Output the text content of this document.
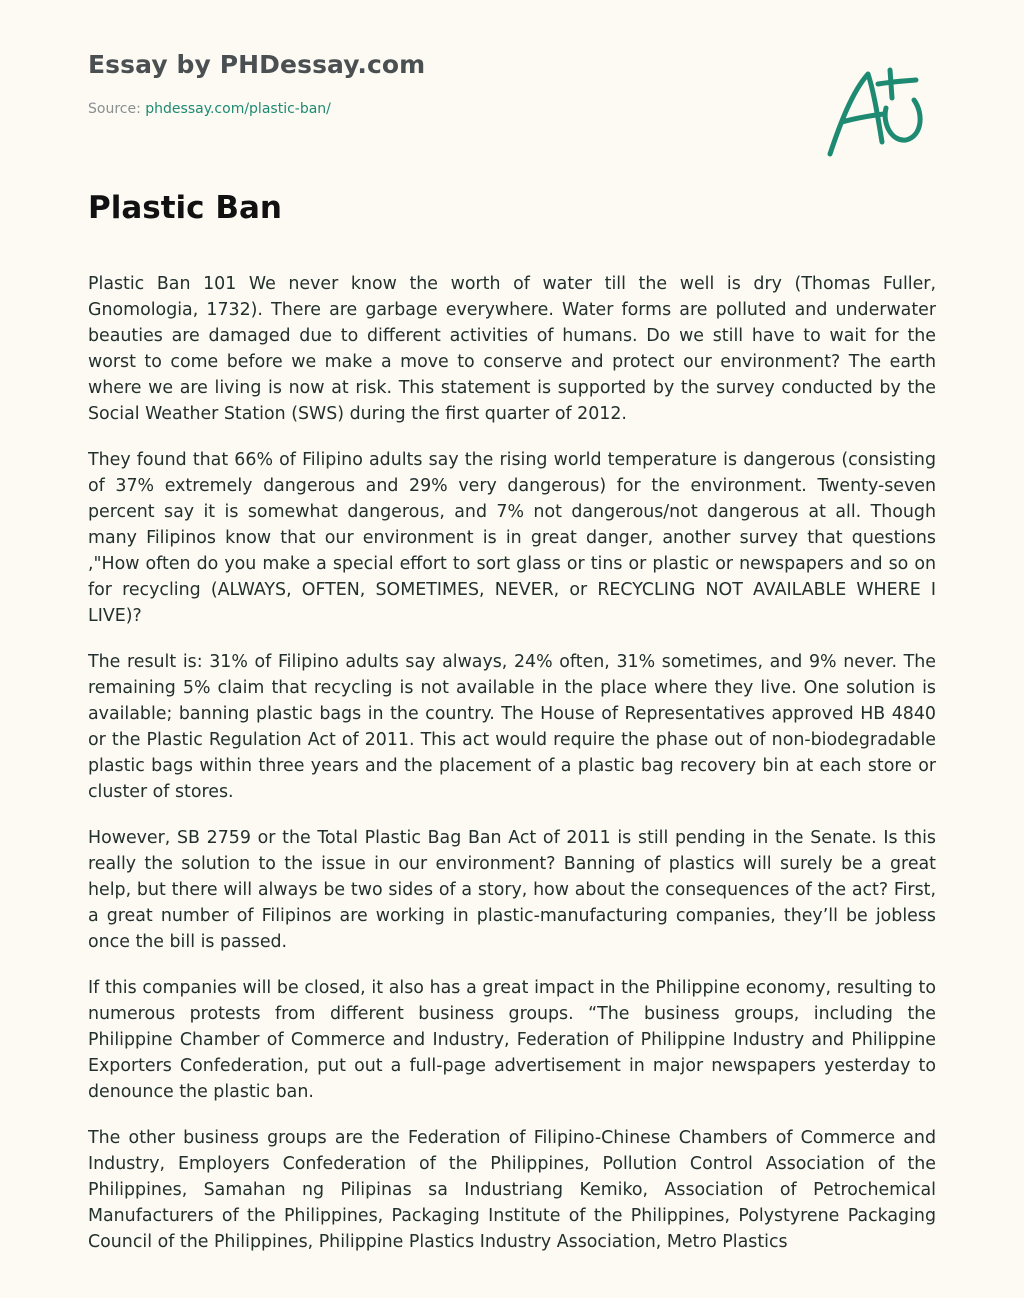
Essay by PHDessay.com
Source: phdessay.com/plastic-ban/
Plastic Ban

Plastic Ban 101 We never know the worth of water till the well is dry (Thomas Fuller, Gnomologia, 1732). There are garbage everywhere. Water forms are polluted and underwater beauties are damaged due to different activities of humans. Do we still have to wait for the worst to come before we make a move to conserve and protect our environment? The earth where we are living is now at risk. This statement is supported by the survey conducted by the Social Weather Station (SWS) during the first quarter of 2012.

They found that 66% of Filipino adults say the rising world temperature is dangerous (consisting of 37% extremely dangerous and 29% very dangerous) for the environment. Twenty-seven percent say it is somewhat dangerous, and 7% not dangerous/not dangerous at all. Though many Filipinos know that our environment is in great danger, another survey that questions ,"How often do you make a special effort to sort glass or tins or plastic or newspapers and so on for recycling (ALWAYS, OFTEN, SOMETIMES, NEVER, or RECYCLING NOT AVAILABLE WHERE I LIVE)?

The result is: 31% of Filipino adults say always, 24% often, 31% sometimes, and 9% never. The remaining 5% claim that recycling is not available in the place where they live. One solution is available; banning plastic bags in the country. The House of Representatives approved HB 4840 or the Plastic Regulation Act of 2011. This act would require the phase out of non-biodegradable plastic bags within three years and the placement of a plastic bag recovery bin at each store or cluster of stores.

However, SB 2759 or the Total Plastic Bag Ban Act of 2011 is still pending in the Senate. Is this really the solution to the issue in our environment? Banning of plastics will surely be a great help, but there will always be two sides of a story, how about the consequences of the act? First, a great number of Filipinos are working in plastic-manufacturing companies, they’ll be jobless once the bill is passed.

If this companies will be closed, it also has a great impact in the Philippine economy, resulting to numerous protests from different business groups. “The business groups, including the Philippine Chamber of Commerce and Industry, Federation of Philippine Industry and Philippine Exporters Confederation, put out a full-page advertisement in major newspapers yesterday to denounce the plastic ban.

The other business groups are the Federation of Filipino-Chinese Chambers of Commerce and Industry, Employers Confederation of the Philippines, Pollution Control Association of the Philippines, Samahan ng Pilipinas sa Industriang Kemiko, Association of Petrochemical Manufacturers of the Philippines, Packaging Institute of the Philippines, Polystyrene Packaging Council of the Philippines, Philippine Plastics Industry Association, Metro Plastics
